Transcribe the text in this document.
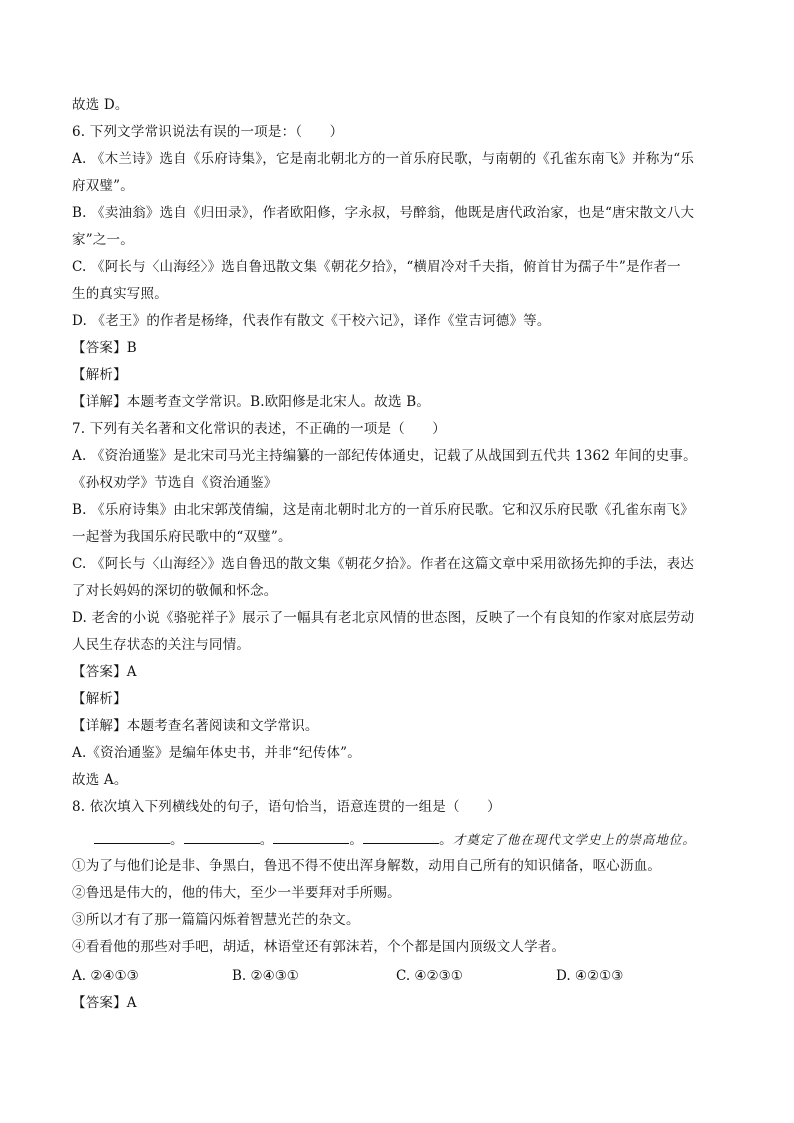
故选 D。
6. 下列文学常识说法有误的一项是：（　　）
A. 《木兰诗》选自《乐府诗集》，它是南北朝北方的一首乐府民歌，与南朝的《孔雀东南飞》并称为“乐
府双璧”。
B. 《卖油翁》选自《归田录》，作者欧阳修，字永叔，号醉翁，他既是唐代政治家，也是“唐宋散文八大
家”之一。
C. 《阿长与〈山海经〉》选自鲁迅散文集《朝花夕拾》，“横眉冷对千夫指，俯首甘为孺子牛”是作者一
生的真实写照。
D. 《老王》的作者是杨绛，代表作有散文《干校六记》，译作《堂吉诃德》等。
【答案】B
【解析】
【详解】本题考查文学常识。B.欧阳修是北宋人。故选 B。
7. 下列有关名著和文化常识的表述，不正确的一项是（　　）
A. 《资治通鉴》是北宋司马光主持编纂的一部纪传体通史，记载了从战国到五代共 1362 年间的史事。
《孙权劝学》节选自《资治通鉴》
B. 《乐府诗集》由北宋郭茂倩编，这是南北朝时北方的一首乐府民歌。它和汉乐府民歌《孔雀东南飞》
一起誉为我国乐府民歌中的“双璧”。
C. 《阿长与〈山海经〉》选自鲁迅的散文集《朝花夕拾》。作者在这篇文章中采用欲扬先抑的手法，表达
了对长妈妈的深切的敬佩和怀念。
D. 老舍的小说《骆驼祥子》展示了一幅具有老北京风情的世态图，反映了一个有良知的作家对底层劳动
人民生存状态的关注与同情。
【答案】A
【解析】
【详解】本题考查名著阅读和文学常识。
A.《资治通鉴》是编年体史书，并非“纪传体”。
故选 A。
8. 依次填入下列横线处的句子，语句恰当，语意连贯的一组是（　　）
。	。	。	。才奠定了他在现代文学史上的崇高地位。
①为了与他们论是非、争黑白，鲁迅不得不使出浑身解数，动用自己所有的知识储备，呕心沥血。
②鲁迅是伟大的，他的伟大，至少一半要拜对手所赐。
③所以才有了那一篇篇闪烁着智慧光芒的杂文。
④看看他的那些对手吧，胡适，林语堂还有郭沫若，个个都是国内顶级文人学者。
A. ②④①③	B. ②④③①	C. ④②③①	D. ④②①③
【答案】A
